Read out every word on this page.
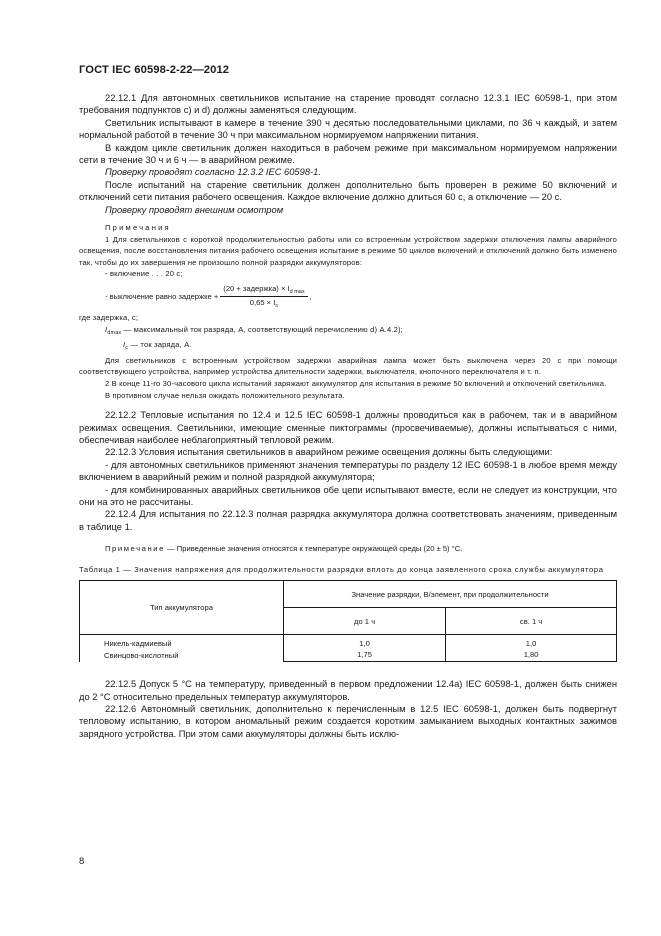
ГОСТ IEC 60598-2-22—2012

22.12.1 Для автономных светильников испытание на старение проводят согласно 12.3.1 IEC 60598-1, при этом требования подпунктов c) и d) должны заменяться следующим.

Светильник испытывают в камере в течение 390 ч десятью последовательными циклами, по 36 ч каждый, и затем нормальной работой в течение 30 ч при максимальном нормируемом напряжении питания.

В каждом цикле светильник должен находиться в рабочем режиме при максимальном нормируемом напряжении сети в течение 30 ч и 6 ч — в аварийном режиме.

Проверку проводят согласно 12.3.2 IEC 60598-1.

После испытаний на старение светильник должен дополнительно быть проверен в режиме 50 включений и отключений сети питания рабочего освещения. Каждое включение должно длиться 60 с, а отключение — 20 с.

Проверку проводят внешним осмотром

Примечания

1 Для светильников с короткой продолжительностью работы или со встроенным устройством задержки отключения лампы аварийного освещения, после восстановления питания рабочего освещения испытание в режиме 50 циклов включений и отключений должно быть изменено так, чтобы до их завершения не произошло полной разрядки аккумуляторов:

- включение . . . 20 с;

- выключение равно задержке + $\frac{(20 + задержка) \times I_{d max}}{0,65 \times I_c}$ ,

где задержка, с;

$I_{dmax}$ — максимальный ток разряда, А, соответствующий перечислению d) А.4.2);

$I_c$ — ток заряда, А.

Для светильников с встроенным устройством задержки аварийная лампа может быть выключена через 20 с при помощи соответствующего устройства, например устройства длительности задержки, выключателя, кнопочного переключателя и т. п.

2 В конце 11-го 30-часового цикла испытаний заряжают аккумулятор для испытания в режиме 50 включений и отключений светильника.

В противном случае нельзя ожидать положительного результата.

22.12.2 Тепловые испытания по 12.4 и 12.5 IEC 60598-1 должны проводиться как в рабочем, так и в аварийном режимах освещения. Светильники, имеющие сменные пиктограммы (просвечиваемые), должны испытываться с ними, обеспечивая наиболее неблагоприятный тепловой режим.

22.12.3 Условия испытания светильников в аварийном режиме освещения должны быть следующими:

- для автономных светильников применяют значения температуры по разделу 12 IEC 60598-1 в любое время между включением в аварийный режим и полной разрядкой аккумулятора;

- для комбинированных аварийных светильников обе цепи испытывают вместе, если не следует из конструкции, что они на это не рассчитаны.

22.12.4 Для испытания по 22.12.3 полная разрядка аккумулятора должна соответствовать значениям, приведенным в таблице 1.

Примечание — Приведенные значения относятся к температуре окружающей среды (20 ± 5) °С.

Таблица 1 — Значения напряжения для продолжительности разрядки вплоть до конца заявленного срока службы аккумулятора

Тип аккумулятора	Значение разрядки, В/элемент, при продолжительности	
	до 1 ч	св. 1 ч
Никель-кадмиевый	1,0	1,0
Свинцово-кислотный	1,75	1,80

22.12.5 Допуск 5 °С на температуру, приведенный в первом предложении 12.4а) IEC 60598-1, должен быть снижен до 2 °С относительно предельных температур аккумуляторов.

22.12.6 Автономный светильник, дополнительно к перечисленным в 12.5 IEC 60598-1, должен быть подвергнут тепловому испытанию, в котором аномальный режим создается коротким замыканием выходных контактных зажимов зарядного устройства. При этом сами аккумуляторы должны быть исклю-

8
